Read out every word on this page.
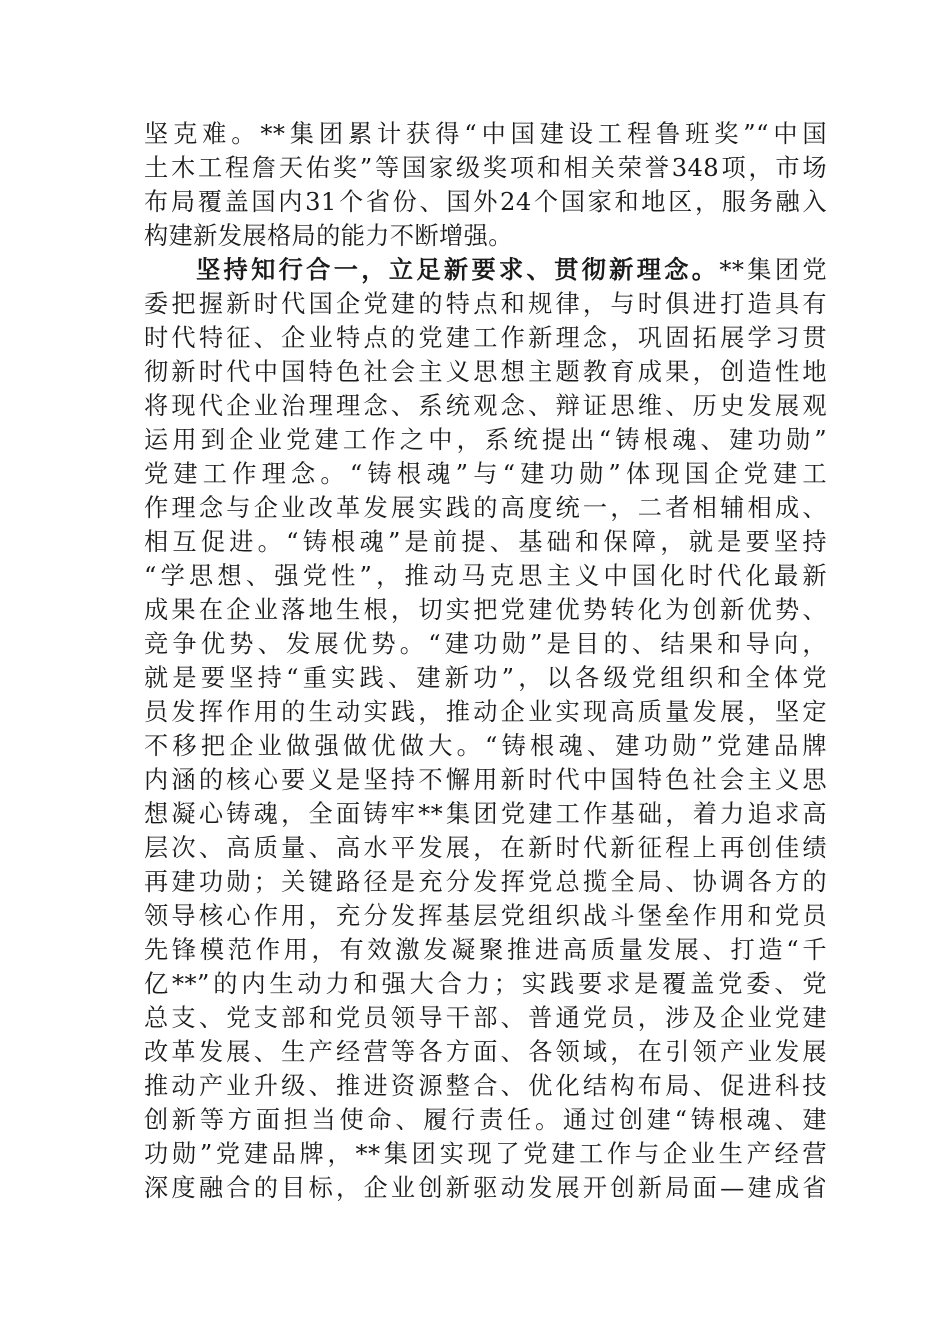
坚克难。**集团累计获得“中国建设工程鲁班奖”“中国
土木工程詹天佑奖”等国家级奖项和相关荣誉348项，市场
布局覆盖国内31个省份、国外24个国家和地区，服务融入
构建新发展格局的能力不断增强。
坚持知行合一，立足新要求、贯彻新理念。**集团党
委把握新时代国企党建的特点和规律，与时俱进打造具有
时代特征、企业特点的党建工作新理念，巩固拓展学习贯
彻新时代中国特色社会主义思想主题教育成果，创造性地
将现代企业治理理念、系统观念、辩证思维、历史发展观
运用到企业党建工作之中，系统提出“铸根魂、建功勋”
党建工作理念。“铸根魂”与“建功勋”体现国企党建工
作理念与企业改革发展实践的高度统一，二者相辅相成、
相互促进。“铸根魂”是前提、基础和保障，就是要坚持
“学思想、强党性”，推动马克思主义中国化时代化最新
成果在企业落地生根，切实把党建优势转化为创新优势、
竞争优势、发展优势。“建功勋”是目的、结果和导向，
就是要坚持“重实践、建新功”，以各级党组织和全体党
员发挥作用的生动实践，推动企业实现高质量发展，坚定
不移把企业做强做优做大。“铸根魂、建功勋”党建品牌
内涵的核心要义是坚持不懈用新时代中国特色社会主义思
想凝心铸魂，全面铸牢**集团党建工作基础，着力追求高
层次、高质量、高水平发展，在新时代新征程上再创佳绩
再建功勋；关键路径是充分发挥党总揽全局、协调各方的
领导核心作用，充分发挥基层党组织战斗堡垒作用和党员
先锋模范作用，有效激发凝聚推进高质量发展、打造“千
亿**”的内生动力和强大合力；实践要求是覆盖党委、党
总支、党支部和党员领导干部、普通党员，涉及企业党建
改革发展、生产经营等各方面、各领域，在引领产业发展
推动产业升级、推进资源整合、优化结构布局、促进科技
创新等方面担当使命、履行责任。通过创建“铸根魂、建
功勋”党建品牌，**集团实现了党建工作与企业生产经营
深度融合的目标，企业创新驱动发展开创新局面—建成省
